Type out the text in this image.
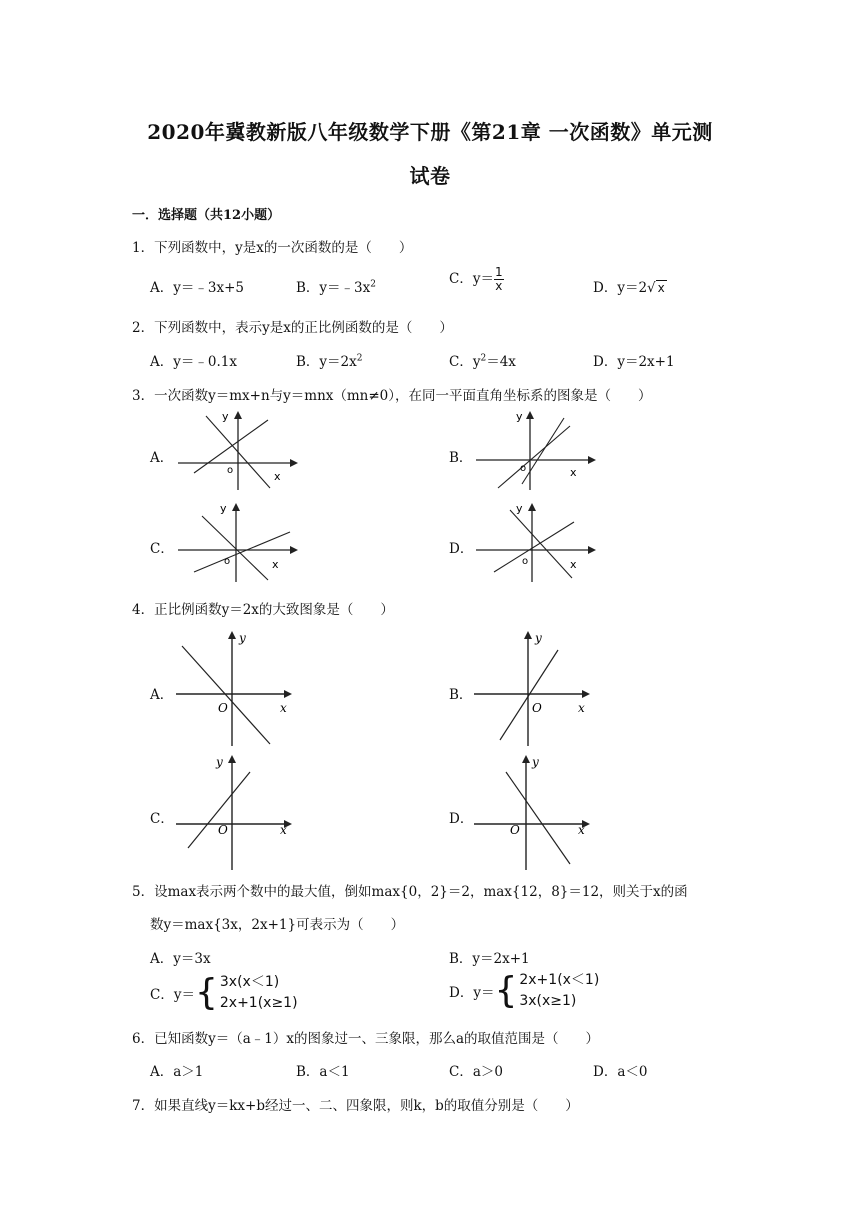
2020年冀教新版八年级数学下册《第21章 一次函数》单元测
试卷
一．选择题（共12小题）
1．下列函数中，y是x的一次函数的是（　　）
A．y＝﹣3x+5	B．$y=﹣3x^2$	C．$y= \frac{1}{x}$	D．y＝2√ x
2．下列函数中，表示y是x的正比例函数的是（　　）
A．y＝﹣0.1x	B．$y=2x^2$	C．$y^2=4x$	D．y＝2x+1
3．一次函数y＝mx+n与y＝mnx（mn≠0），在同一平面直角坐标系的图象是（　　）
A．
y
x
o
B．
y
x
o
C．
y
x
o
D．
y
x
o
4．正比例函数y＝2x的大致图象是（　　）
A．
y
x
O
B．
y
x
O
C．
y
x
O
D．
y
x
O
5．设max表示两个数中的最大值，倒如max{0，2}＝2，max{12，8}＝12，则关于x的函
数y＝max{3x，2x+1}可表示为（　　）
A．y＝3x	B．y＝2x+1
C．y＝ { 3x(x＜1)
2x+1(x≥1)
D．y＝ { 2x+1(x＜1)
3x(x≥1)
6．已知函数y＝（a﹣1）x的图象过一、三象限，那么a的取值范围是（　　）
A．a＞1	B．a＜1	C．a＞0	D．a＜0
7．如果直线y＝kx+b经过一、二、四象限，则k，b的取值分别是（　　）
